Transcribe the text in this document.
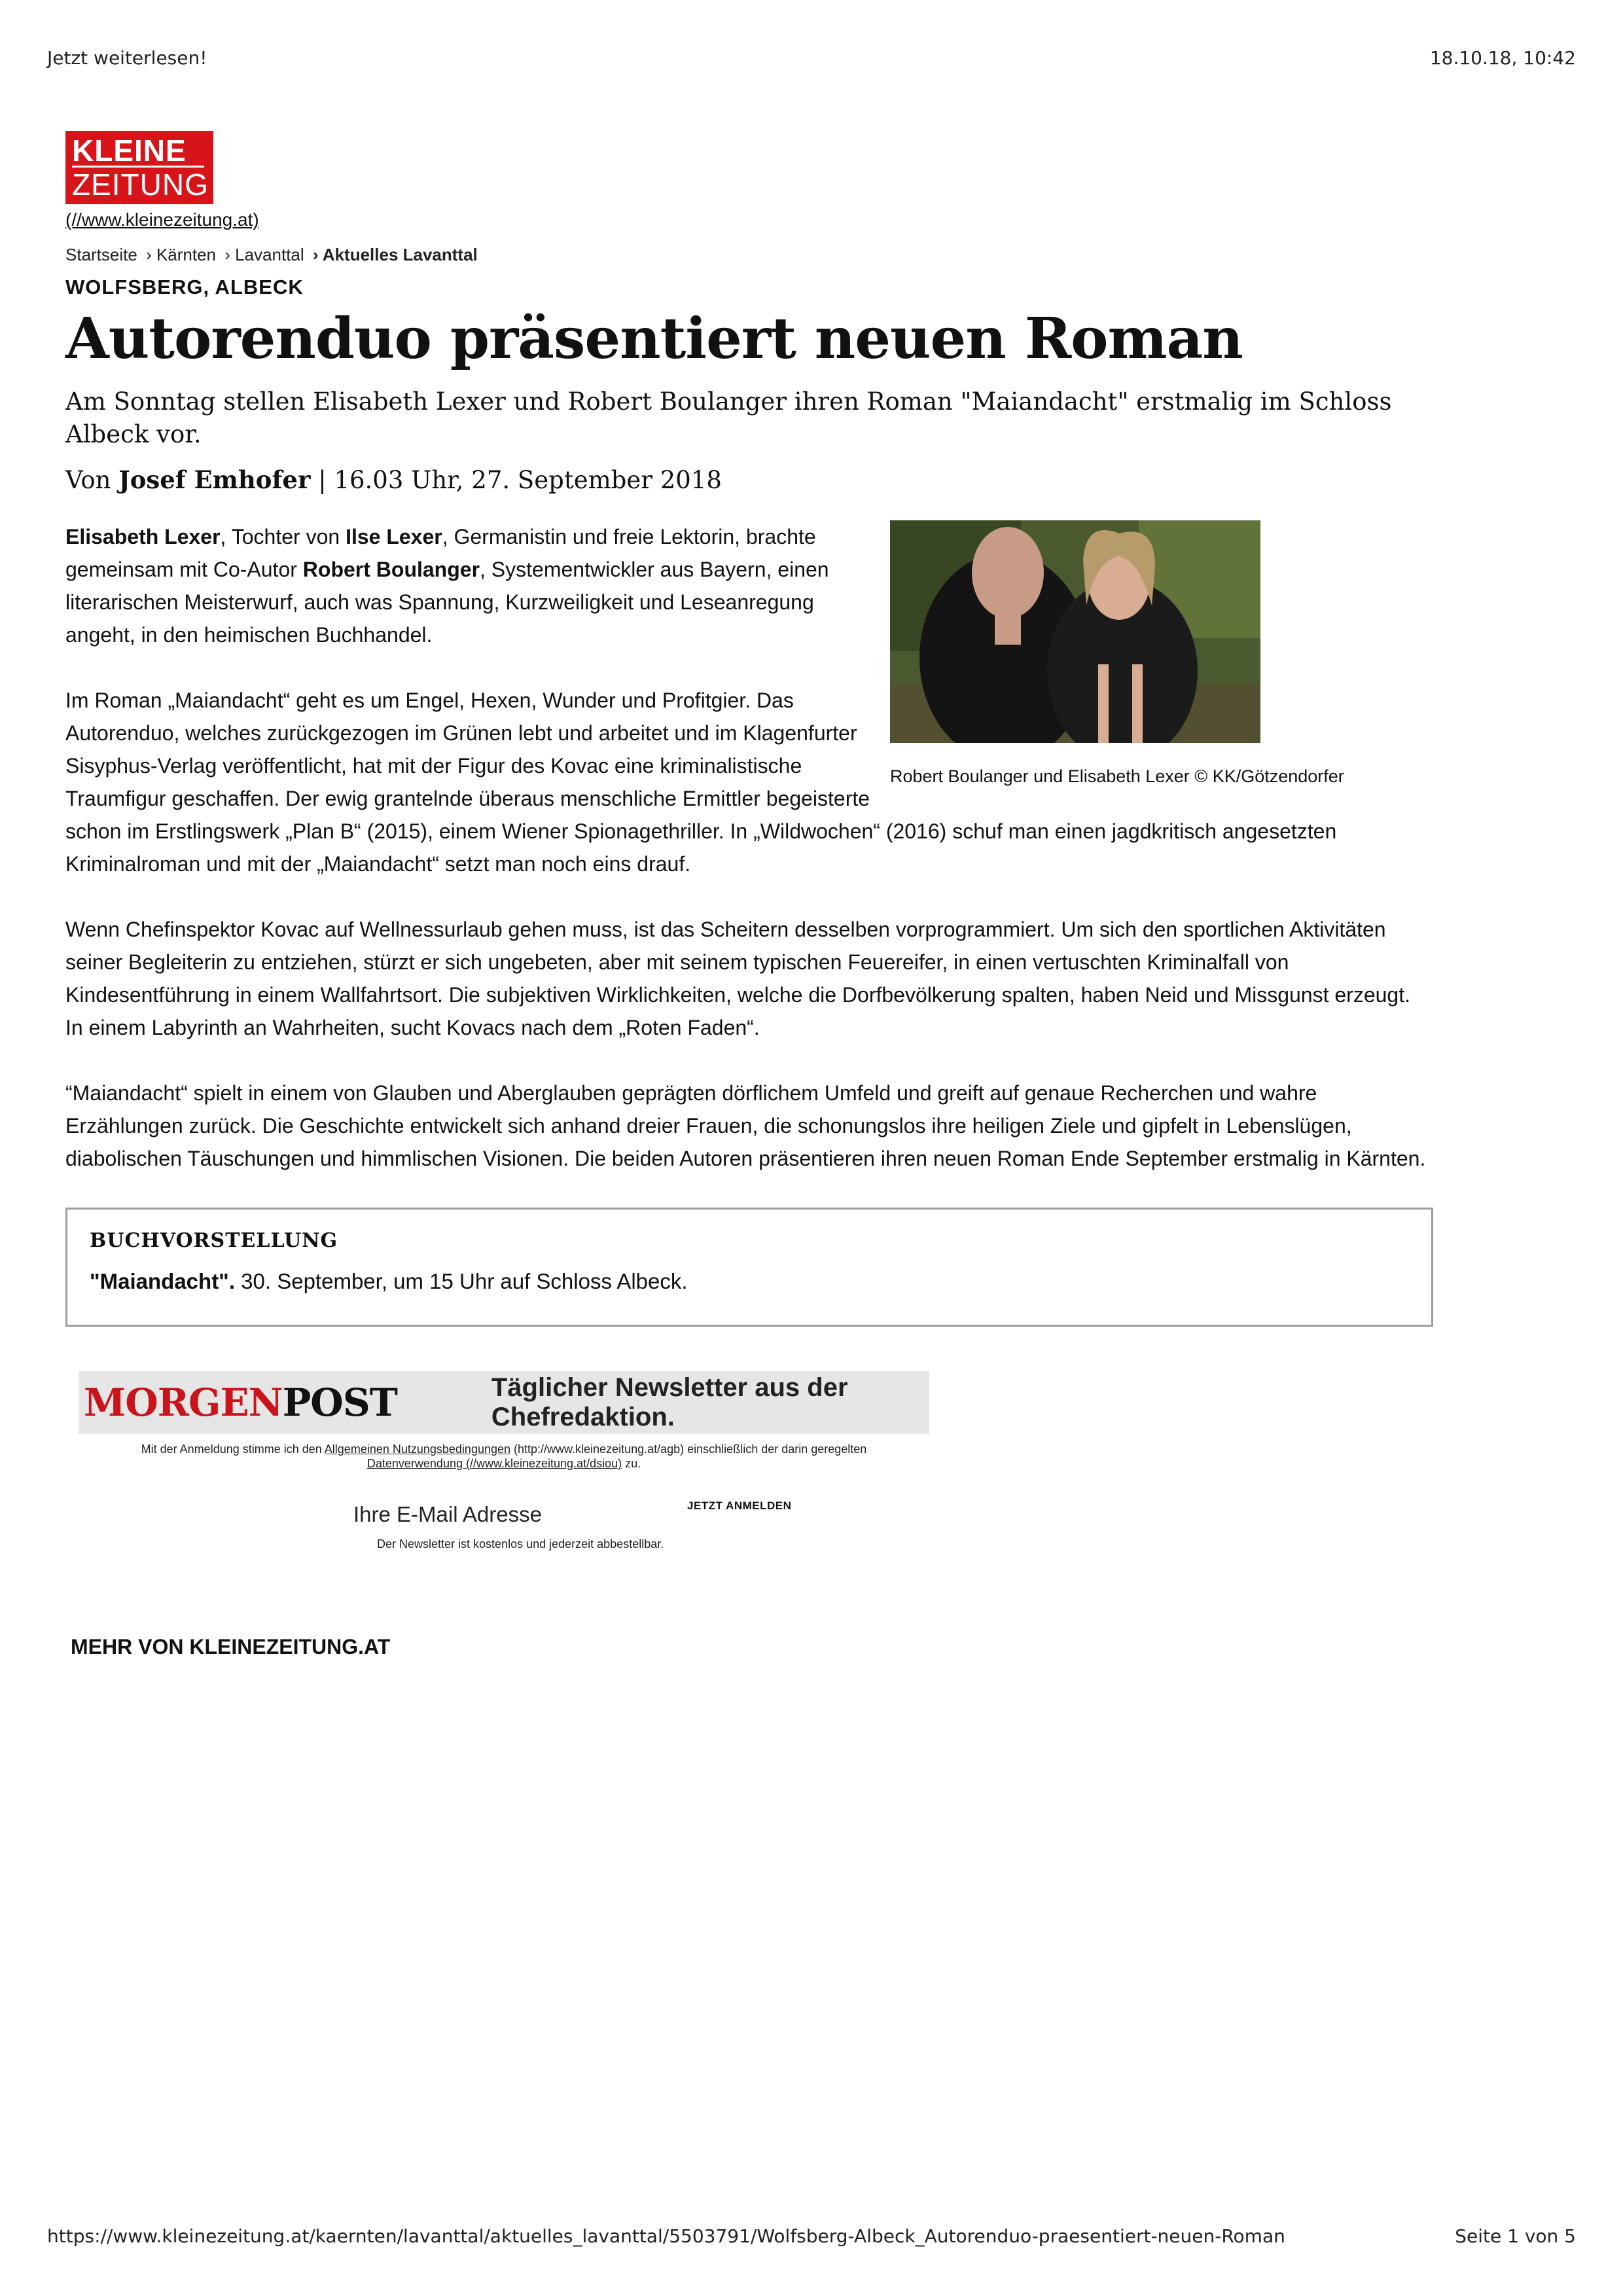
Jetzt weiterlesen!	18.10.18, 10:42
KLEINE
ZEITUNG
(//www.kleinezeitung.at)
Startseite › Kärnten › Lavanttal › Aktuelles Lavanttal
WOLFSBERG, ALBECK
Autorenduo präsentiert neuen Roman
Am Sonntag stellen Elisabeth Lexer und Robert Boulanger ihren Roman "Maiandacht" erstmalig im Schloss Albeck vor.
Von Josef Emhofer | 16.03 Uhr, 27. September 2018
Robert Boulanger und Elisabeth Lexer © KK/Götzendorfer

Elisabeth Lexer, Tochter von Ilse Lexer, Germanistin und freie Lektorin, brachte gemeinsam mit Co-Autor Robert Boulanger, Systementwickler aus Bayern, einen literarischen Meisterwurf, auch was Spannung, Kurzweiligkeit und Leseanregung angeht, in den heimischen Buchhandel.

Im Roman „Maiandacht“ geht es um Engel, Hexen, Wunder und Profitgier. Das Autorenduo, welches zurückgezogen im Grünen lebt und arbeitet und im Klagenfurter Sisyphus-Verlag veröffentlicht, hat mit der Figur des Kovac eine kriminalistische Traumfigur geschaffen. Der ewig grantelnde überaus menschliche Ermittler begeisterte schon im Erstlingswerk „Plan B“ (2015), einem Wiener Spionagethriller. In „Wildwochen“ (2016) schuf man einen jagdkritisch angesetzten Kriminalroman und mit der „Maiandacht“ setzt man noch eins drauf.

Wenn Chefinspektor Kovac auf Wellnessurlaub gehen muss, ist das Scheitern desselben vorprogrammiert. Um sich den sportlichen Aktivitäten seiner Begleiterin zu entziehen, stürzt er sich ungebeten, aber mit seinem typischen Feuereifer, in einen vertuschten Kriminalfall von Kindesentführung in einem Wallfahrtsort. Die subjektiven Wirklichkeiten, welche die Dorfbevölkerung spalten, haben Neid und Missgunst erzeugt. In einem Labyrinth an Wahrheiten, sucht Kovacs nach dem „Roten Faden“.

“Maiandacht“ spielt in einem von Glauben und Aberglauben geprägten dörflichem Umfeld und greift auf genaue Recherchen und wahre Erzählungen zurück. Die Geschichte entwickelt sich anhand dreier Frauen, die schonungslos ihre heiligen Ziele und gipfelt in Lebenslügen, diabolischen Täuschungen und himmlischen Visionen. Die beiden Autoren präsentieren ihren neuen Roman Ende September erstmalig in Kärnten.

BUCHVORSTELLUNG
"Maiandacht". 30. September, um 15 Uhr auf Schloss Albeck.
MORGENPOST	Täglicher Newsletter aus der Chefredaktion.
Mit der Anmeldung stimme ich den Allgemeinen Nutzungsbedingungen (http://www.kleinezeitung.at/agb) einschließlich der darin geregelten
Datenverwendung (//www.kleinezeitung.at/dsiou) zu.
Ihre E-Mail Adresse
JETZT ANMELDEN
Der Newsletter ist kostenlos und jederzeit abbestellbar.
MEHR VON KLEINEZEITUNG.AT
https://www.kleinezeitung.at/kaernten/lavanttal/aktuelles_lavanttal/5503791/Wolfsberg-Albeck_Autorenduo-praesentiert-neuen-Roman	Seite 1 von 5
